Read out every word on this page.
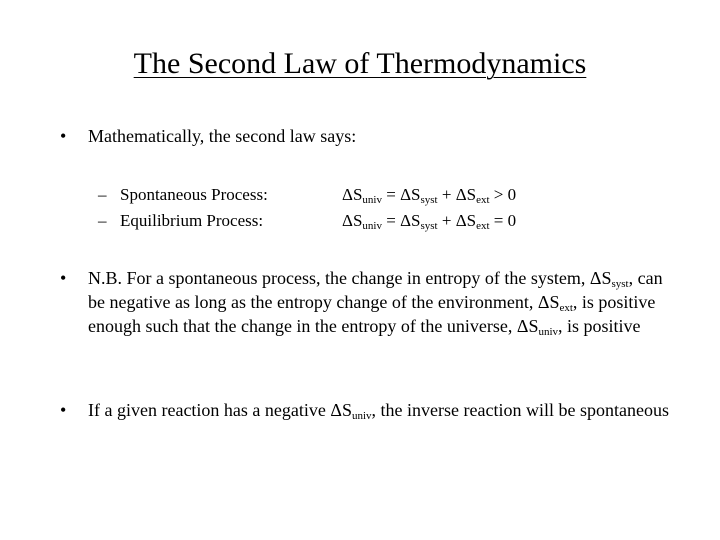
The Second Law of Thermodynamics
• Mathematically, the second law says:
– Spontaneous Process:
– Equilibrium Process:
$\Delta S_{univ} = \Delta S_{syst} + \Delta S_{ext} > 0$
$\Delta S_{univ} = \Delta S_{syst} + \Delta S_{ext} = 0$
• N.B. For a spontaneous process, the change in entropy of the system, $\Delta S_{syst}$, can be negative as long as the entropy change of the environment, $\Delta S_{ext}$, is positive enough such that the change in the entropy of the universe, $\Delta S_{univ}$, is positive
• If a given reaction has a negative $\Delta S_{univ}$, the inverse reaction will be spontaneous
